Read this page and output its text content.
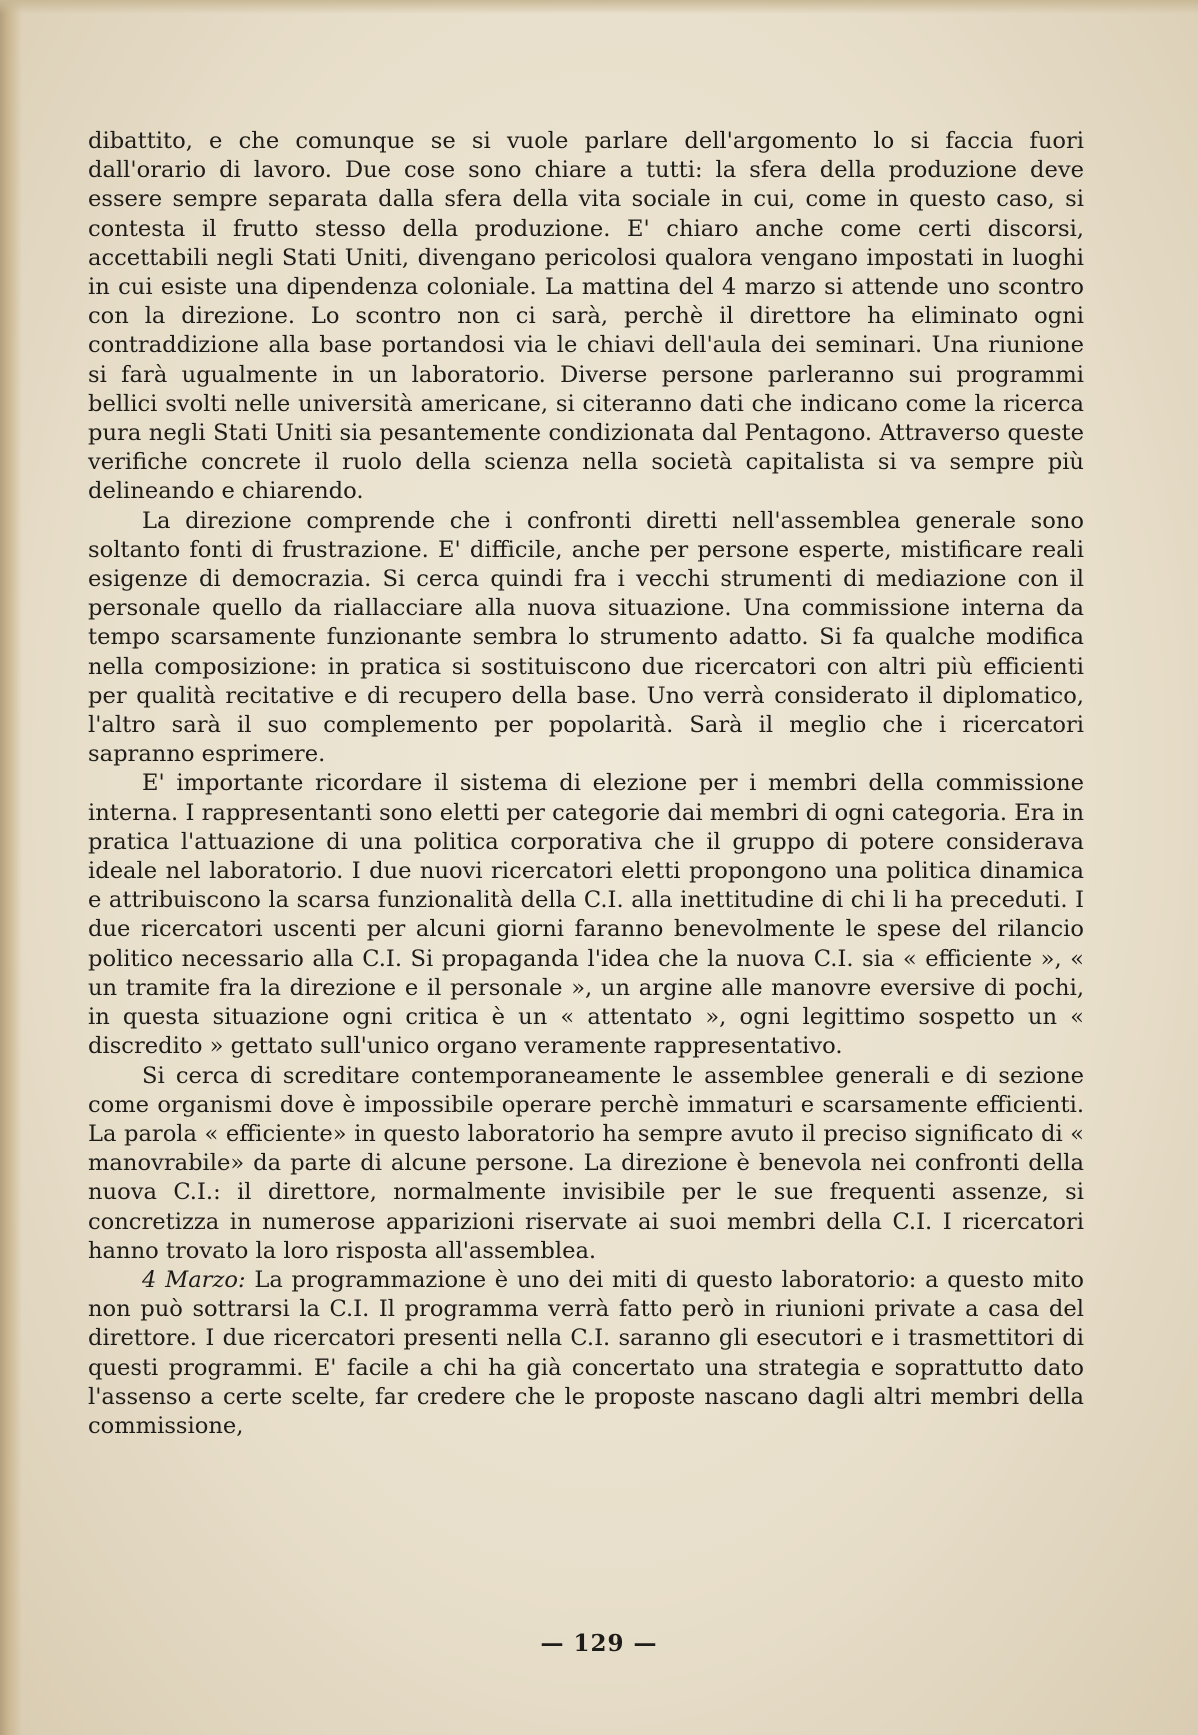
dibattito, e che comunque se si vuole parlare dell'argomento lo si faccia fuori dall'orario di lavoro. Due cose sono chiare a tutti: la sfera della produzione deve essere sempre separata dalla sfera della vita sociale in cui, come in questo caso, si contesta il frutto stesso della produzione. E' chiaro anche come certi discorsi, accettabili negli Stati Uniti, divengano pericolosi qualora vengano impostati in luoghi in cui esiste una dipendenza coloniale. La mattina del 4 marzo si attende uno scontro con la direzione. Lo scontro non ci sarà, perchè il direttore ha eliminato ogni contraddizione alla base portandosi via le chiavi dell'aula dei seminari. Una riunione si farà ugualmente in un laboratorio. Diverse persone parleranno sui programmi bellici svolti nelle università americane, si citeranno dati che indicano come la ricerca pura negli Stati Uniti sia pesantemente condizionata dal Pentagono. Attraverso queste verifiche concrete il ruolo della scienza nella società capitalista si va sempre più delineando e chiarendo.

La direzione comprende che i confronti diretti nell'assemblea generale sono soltanto fonti di frustrazione. E' difficile, anche per persone esperte, mistificare reali esigenze di democrazia. Si cerca quindi fra i vecchi strumenti di mediazione con il personale quello da riallacciare alla nuova situazione. Una commissione interna da tempo scarsamente funzionante sembra lo strumento adatto. Si fa qualche modifica nella composizione: in pratica si sostituiscono due ricercatori con altri più efficienti per qualità recitative e di recupero della base. Uno verrà considerato il diplomatico, l'altro sarà il suo complemento per popolarità. Sarà il meglio che i ricercatori sapranno esprimere.

E' importante ricordare il sistema di elezione per i membri della commissione interna. I rappresentanti sono eletti per categorie dai membri di ogni categoria. Era in pratica l'attuazione di una politica corporativa che il gruppo di potere considerava ideale nel laboratorio. I due nuovi ricercatori eletti propongono una politica dinamica e attribuiscono la scarsa funzionalità della C.I. alla inettitudine di chi li ha preceduti. I due ricercatori uscenti per alcuni giorni faranno benevolmente le spese del rilancio politico necessario alla C.I. Si propaganda l'idea che la nuova C.I. sia « efficiente », « un tramite fra la direzione e il personale », un argine alle manovre eversive di pochi, in questa situazione ogni critica è un « attentato », ogni legittimo sospetto un « discredito » gettato sull'unico organo veramente rappresentativo.

Si cerca di screditare contemporaneamente le assemblee generali e di sezione come organismi dove è impossibile operare perchè immaturi e scarsamente efficienti. La parola « efficiente» in questo laboratorio ha sempre avuto il preciso significato di « manovrabile» da parte di alcune persone. La direzione è benevola nei confronti della nuova C.I.: il direttore, normalmente invisibile per le sue frequenti assenze, si concretizza in numerose apparizioni riservate ai suoi membri della C.I. I ricercatori hanno trovato la loro risposta all'assemblea.

4 Marzo: La programmazione è uno dei miti di questo laboratorio: a questo mito non può sottrarsi la C.I. Il programma verrà fatto però in riunioni private a casa del direttore. I due ricercatori presenti nella C.I. saranno gli esecutori e i trasmettitori di questi programmi. E' facile a chi ha già concertato una strategia e soprattutto dato l'assenso a certe scelte, far credere che le proposte nascano dagli altri membri della commissione,

— 129 —
